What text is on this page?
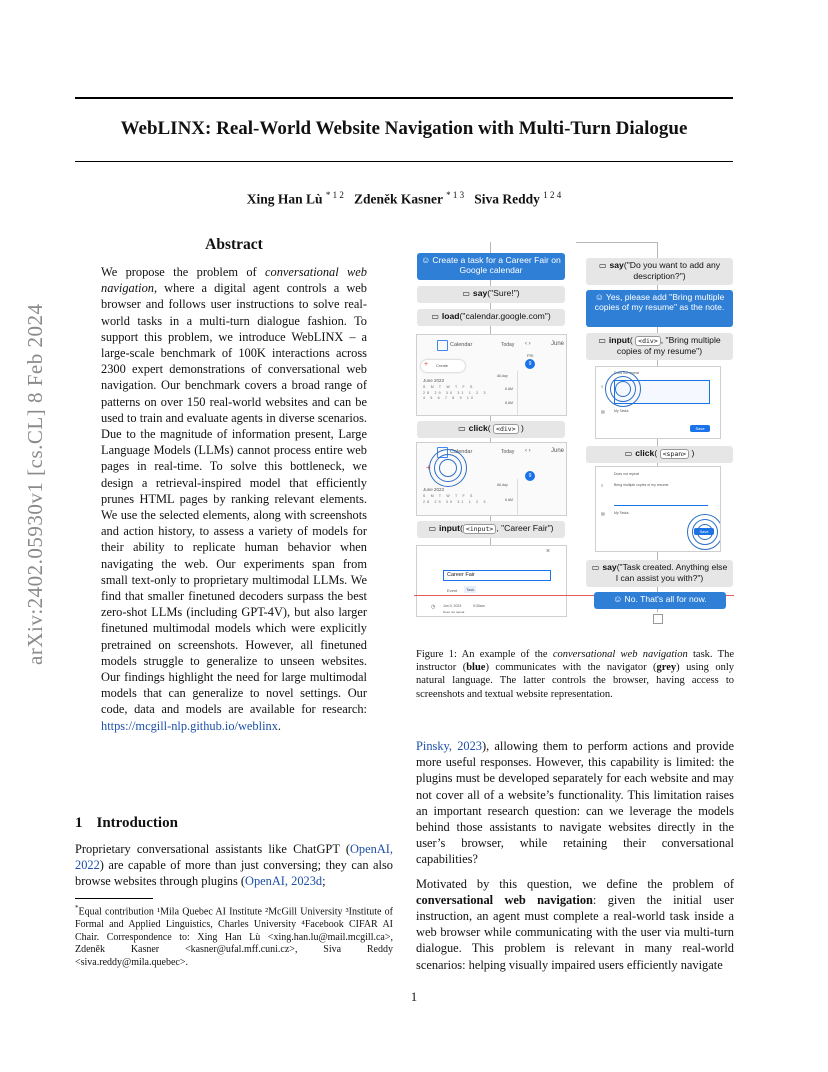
WebLINX: Real-World Website Navigation with Multi-Turn Dialogue
Xing Han Lù $^{* 1 2}$ Zdeněk Kasner $^{* 1 3}$ Siva Reddy $^{1 2 4}$
arXiv:2402.05930v1 [cs.CL] 8 Feb 2024
Abstract
We propose the problem of conversational web navigation, where a digital agent controls a web browser and follows user instructions to solve real-world tasks in a multi-turn dialogue fashion. To support this problem, we introduce WebLINX – a large-scale benchmark of 100K interactions across 2300 expert demonstrations of conversational web navigation. Our benchmark covers a broad range of patterns on over 150 real-world websites and can be used to train and evaluate agents in diverse scenarios. Due to the magnitude of information present, Large Language Models (LLMs) cannot process entire web pages in real-time. To solve this bottleneck, we design a retrieval-inspired model that efficiently prunes HTML pages by ranking relevant elements. We use the selected elements, along with screenshots and action history, to assess a variety of models for their ability to replicate human behavior when navigating the web. Our experiments span from small text-only to proprietary multimodal LLMs. We find that smaller finetuned decoders surpass the best zero-shot LLMs (including GPT-4V), but also larger finetuned multimodal models which were explicitly pretrained on screenshots. However, all finetuned models struggle to generalize to unseen websites. Our findings highlight the need for large multimodal models that can generalize to novel settings. Our code, data and models are available for research: https://mcgill-nlp.github.io/weblinx.
1 Introduction
Proprietary conversational assistants like ChatGPT (OpenAI, 2022) are capable of more than just conversing; they can also browse websites through plugins (OpenAI, 2023d;
*Equal contribution ¹Mila Quebec AI Institute ²McGill University ³Institute of Formal and Applied Linguistics, Charles University ⁴Facebook CIFAR AI Chair. Correspondence to: Xing Han Lù <xing.han.lu@mail.mcgill.ca>, Zdeněk Kasner <kasner@ufal.mff.cuni.cz>, Siva Reddy <siva.reddy@mila.quebec>.
☺ Create a task for a Career Fair on Google calendar
▭ say("Sure!")
▭ load("calendar.google.com")
Calendar	Today ‹ ›	June
+ Create
June 2023
S M T W T F S
28 29 30 31 1 2 3
4 5 6 7 8 9 10
FRI
9
All-day
6 AM
8 AM
▭ click( <div> )
Calendar	Today ‹ ›	June
+
June 2023
S M T W T F S
28 29 30 31 1 2 3
9
All-day
6 AM
▭ input( <input> , "Career Fair")
×
Career Fair
Event	Task
◷ Jun 9, 2023	9:30am
Does not repeat
▭ say("Do you want to add any description?")
☺ Yes, please add "Bring multiple copies of my resume" as the note.
▭ input( <div> , "Bring multiple copies of my resume")
Does not repeat
≡
▤	My Tasks
Save
▭ click( <span> )
Does not repeat
≡	Bring multiple copies of my resume
▤	My Tasks
Save
▭ say("Task created. Anything else I can assist you with?")
☺ No. That's all for now.
Figure 1: An example of the conversational web navigation task. The instructor (blue) communicates with the navigator (grey) using only natural language. The latter controls the browser, having access to screenshots and textual website representation.

Pinsky, 2023), allowing them to perform actions and provide more useful responses. However, this capability is limited: the plugins must be developed separately for each website and may not cover all of a website’s functionality. This limitation raises an important research question: can we leverage the models behind those assistants to navigate websites directly in the user’s browser, while retaining their conversational capabilities?

Motivated by this question, we define the problem of conversational web navigation: given the initial user instruction, an agent must complete a real-world task inside a web browser while communicating with the user via multi-turn dialogue. This problem is relevant in many real-world scenarios: helping visually impaired users efficiently navigate

1
